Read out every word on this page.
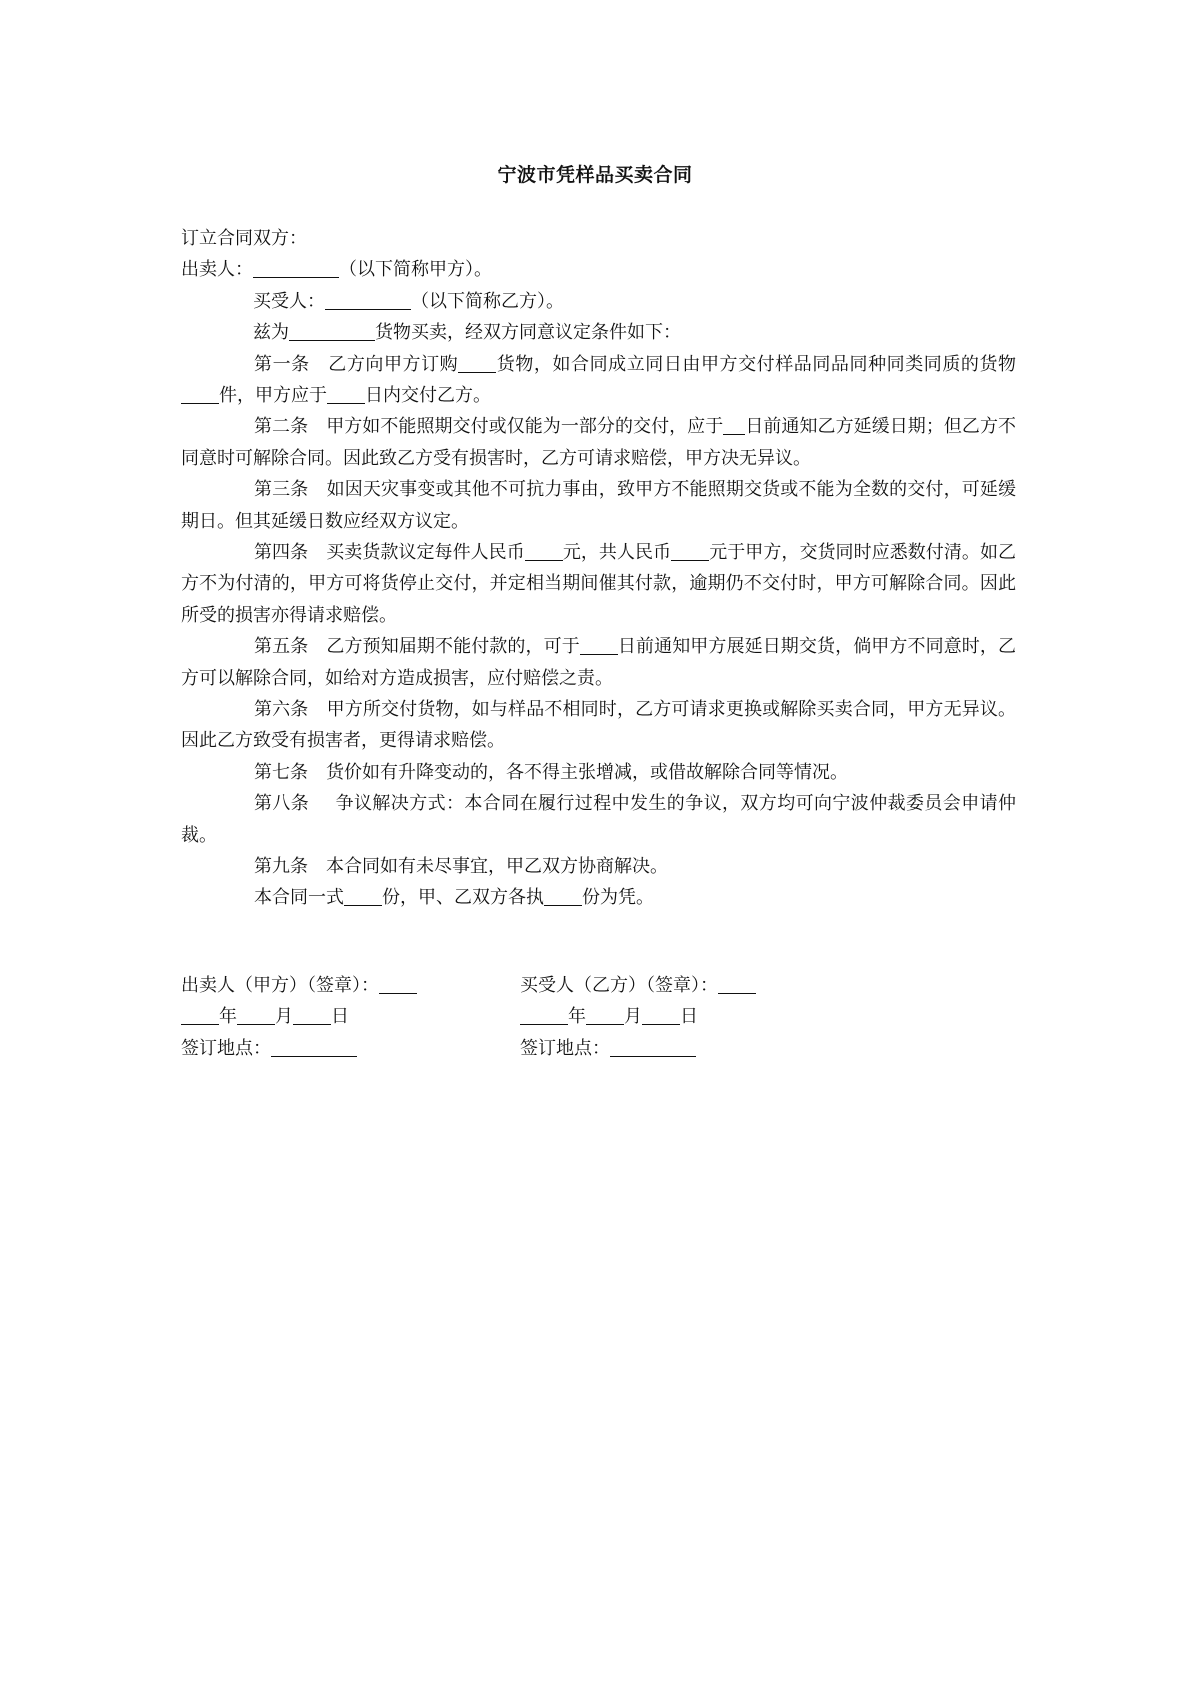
宁波市凭样品买卖合同
订立合同双方：
出卖人：	（以下简称甲方）。
买受人：	（以下简称乙方）。
兹为	货物买卖，经双方同意议定条件如下：
第一条 乙方向甲方订购 货物，如合同成立同日由甲方交付样品同品同种同类同质的货物件，甲方应于 日内交付乙方。
第二条 甲方如不能照期交付或仅能为一部分的交付，应于 日前通知乙方延缓日期；但乙方不同意时可解除合同。因此致乙方受有损害时，乙方可请求赔偿，甲方决无异议。
第三条 如因天灾事变或其他不可抗力事由，致甲方不能照期交货或不能为全数的交付，可延缓期日。但其延缓日数应经双方议定。
第四条 买卖货款议定每件人民币 元，共人民币 元于甲方，交货同时应悉数付清。如乙方不为付清的，甲方可将货停止交付，并定相当期间催其付款，逾期仍不交付时，甲方可解除合同。因此所受的损害亦得请求赔偿。
第五条 乙方预知届期不能付款的，可于 日前通知甲方展延日期交货，倘甲方不同意时，乙方可以解除合同，如给对方造成损害，应付赔偿之责。
第六条 甲方所交付货物，如与样品不相同时，乙方可请求更换或解除买卖合同，甲方无异议。因此乙方致受有损害者，更得请求赔偿。
第七条 货价如有升降变动的，各不得主张增减，或借故解除合同等情况。
第八条 争议解决方式：本合同在履行过程中发生的争议，双方均可向宁波仲裁委员会申请仲裁。
第九条 本合同如有未尽事宜，甲乙双方协商解决。
本合同一式 份，甲、乙双方各执 份为凭。
出卖人（甲方）（签章）：
年 月 日
签订地点：
买受人（乙方）（签章）：
年 月 日
签订地点：
